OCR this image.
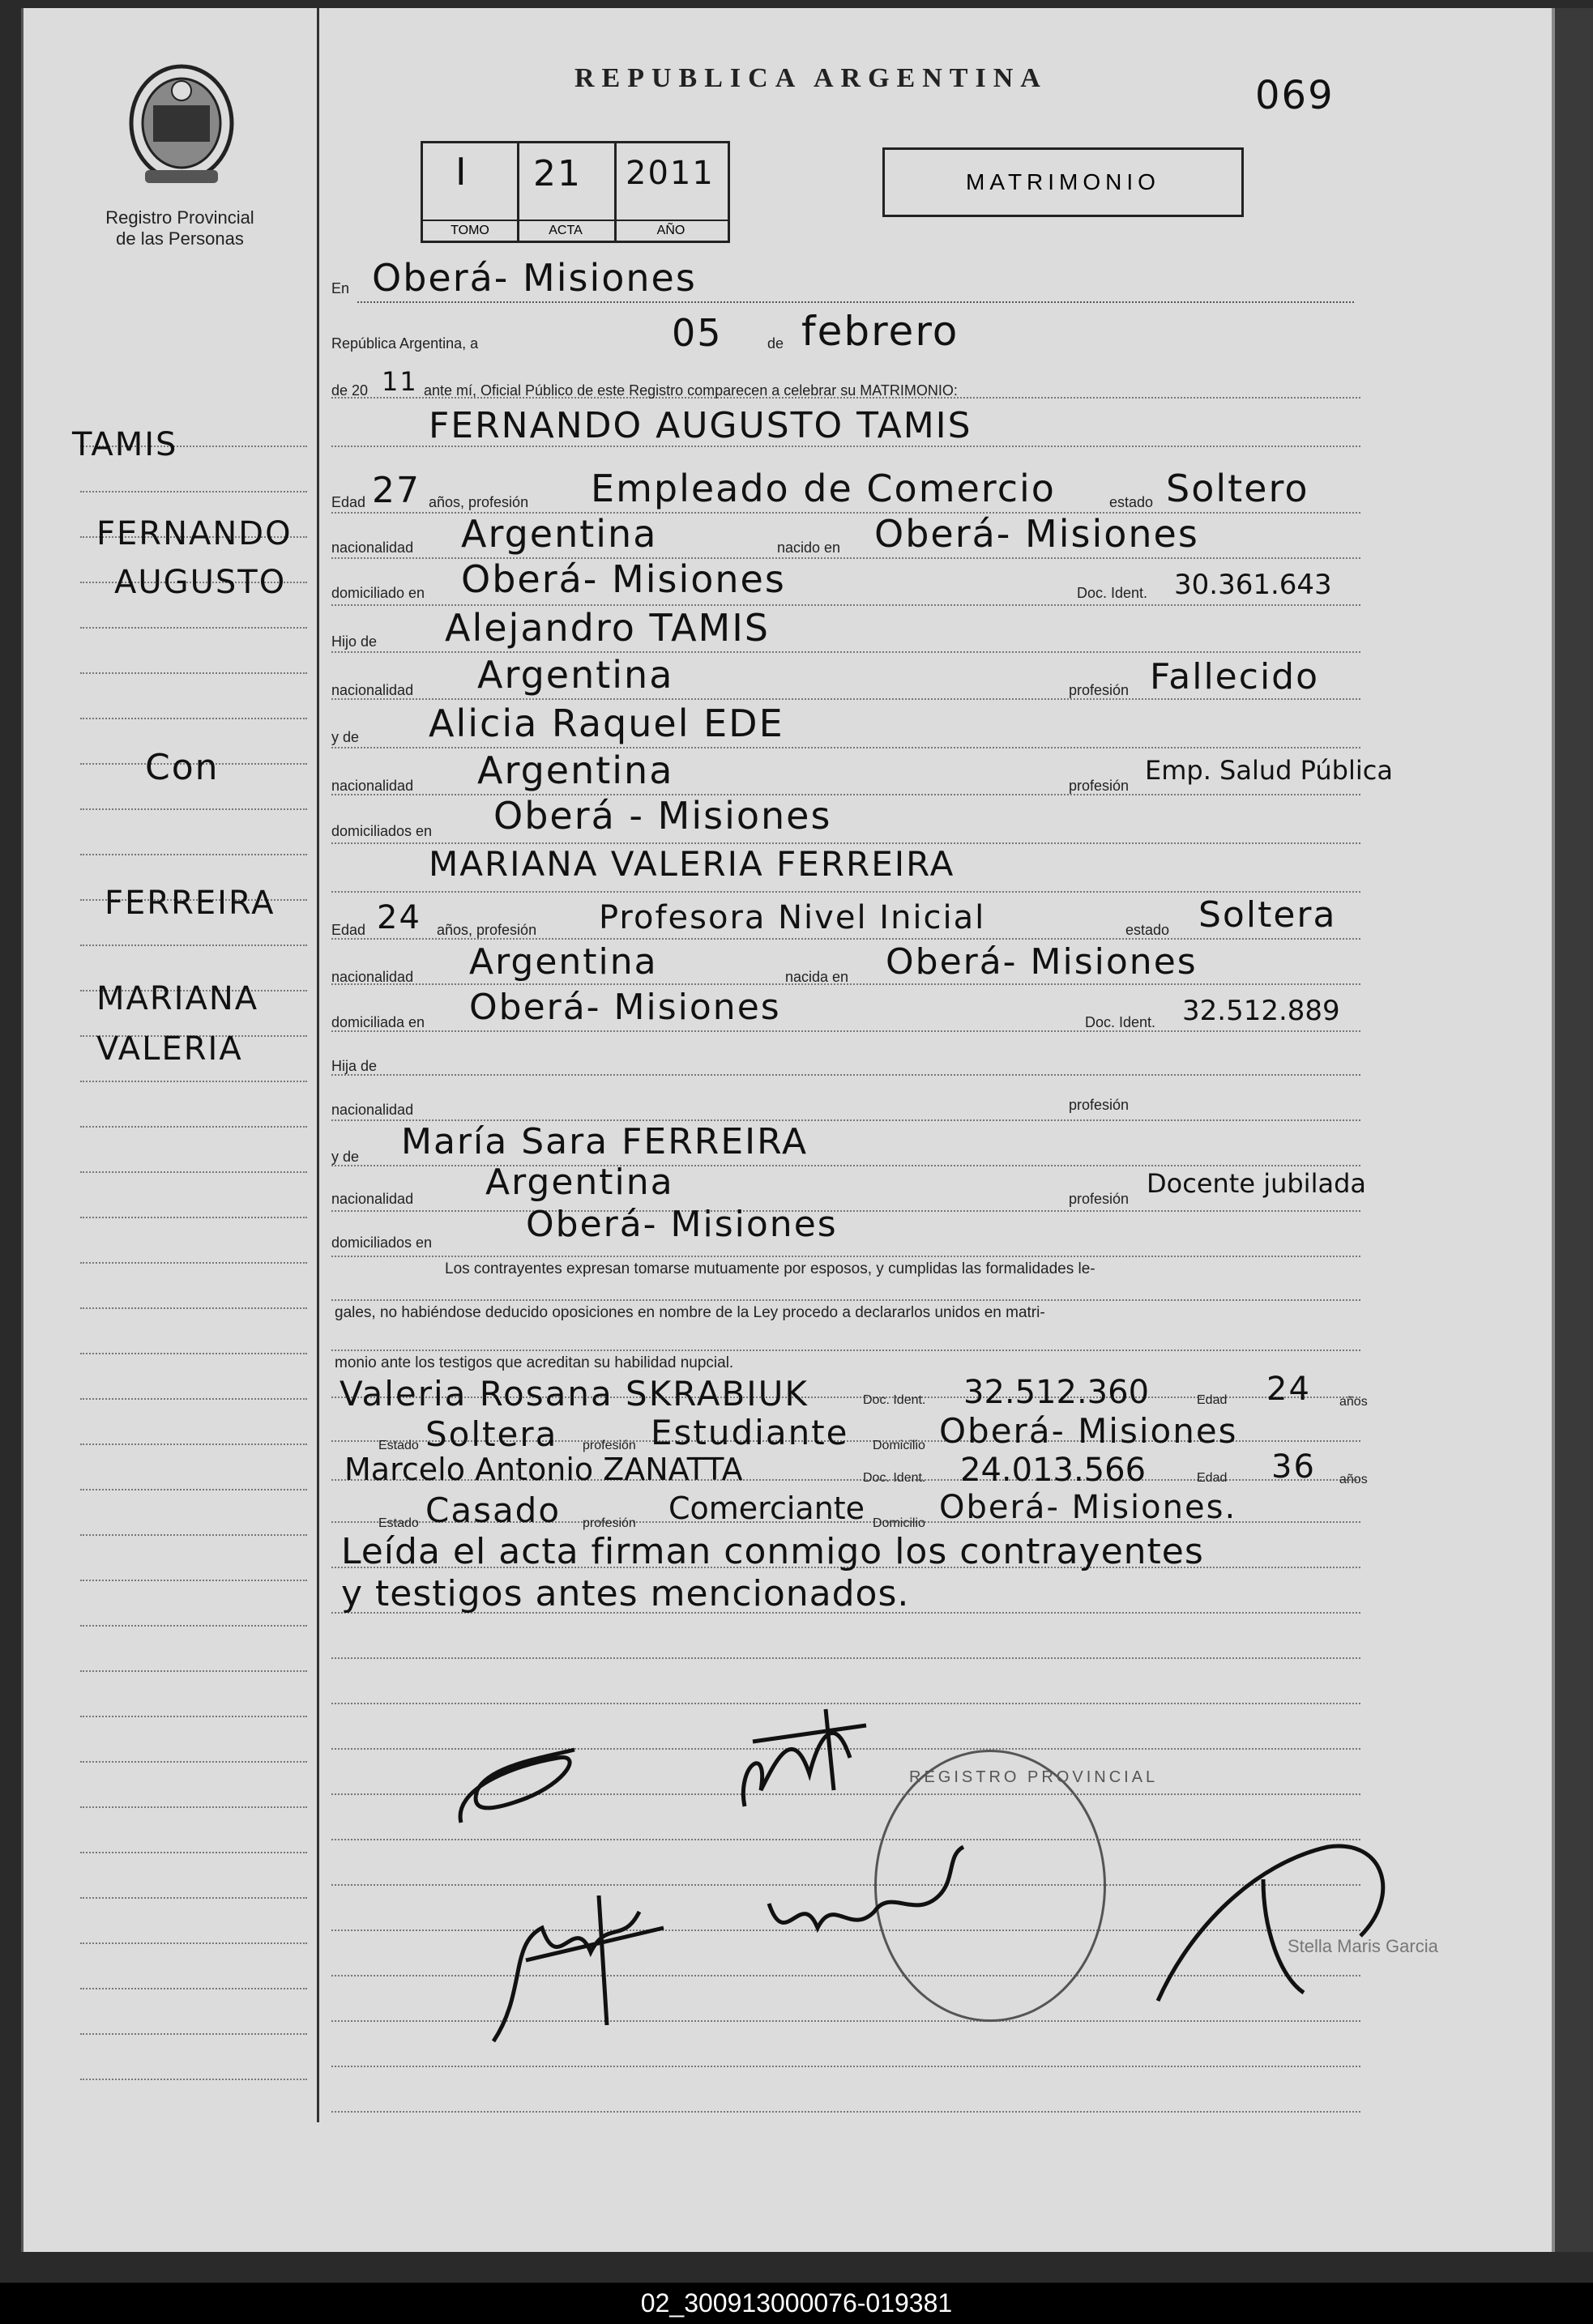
Registro Provincial
de las Personas
REPUBLICA ARGENTINA	069
I
TOMO
21
ACTA
2011
AÑO
MATRIMONIO
TAMIS
FERNANDO
AUGUSTO
Con
FERREIRA
MARIANA
VALERIA
En Oberá- Misiones
República Argentina, a	05	de febrero
de 20 11 ante mí, Oficial Público de este Registro comparecen a celebrar su MATRIMONIO:
FERNANDO AUGUSTO TAMIS
Edad 27 años, profesión Empleado de Comercio	estado Soltero
nacionalidad Argentina	nacido en Oberá- Misiones
domiciliado en Oberá- Misiones	Doc. Ident. 30.361.643
Hijo de Alejandro TAMIS
nacionalidad Argentina	profesión Fallecido
y de Alicia Raquel EDE
nacionalidad Argentina	profesión Emp. Salud Pública
domiciliados en Oberá - Misiones
MARIANA VALERIA FERREIRA
Edad 24 años, profesión Profesora Nivel Inicial	estado Soltera
nacionalidad Argentina	nacida en Oberá- Misiones
domiciliada en Oberá- Misiones	Doc. Ident. 32.512.889
Hija de
nacionalidad	profesión
y de María Sara FERREIRA
nacionalidad Argentina	profesión Docente jubilada
domiciliados en	Oberá- Misiones
Los contrayentes expresan tomarse mutuamente por esposos, y cumplidas las formalidades le-
gales, no habiéndose deducido oposiciones en nombre de la Ley procedo a declararlos unidos en matri-
monio ante los testigos que acreditan su habilidad nupcial.
Valeria Rosana SKRABIUK	Doc. Ident. 32.512.360	Edad 24 años
Estado Soltera profesión Estudiante Domicilio Oberá- Misiones
Marcelo Antonio ZANATTA	Doc. Ident. 24.013.566	Edad 36 años
Estado Casado profesión Comerciante Domicilio Oberá- Misiones.
Leída el acta firman conmigo los contrayentes
y testigos antes mencionados.
REGISTRO PROVINCIAL
Stella Maris Garcia
02_300913000076-019381
